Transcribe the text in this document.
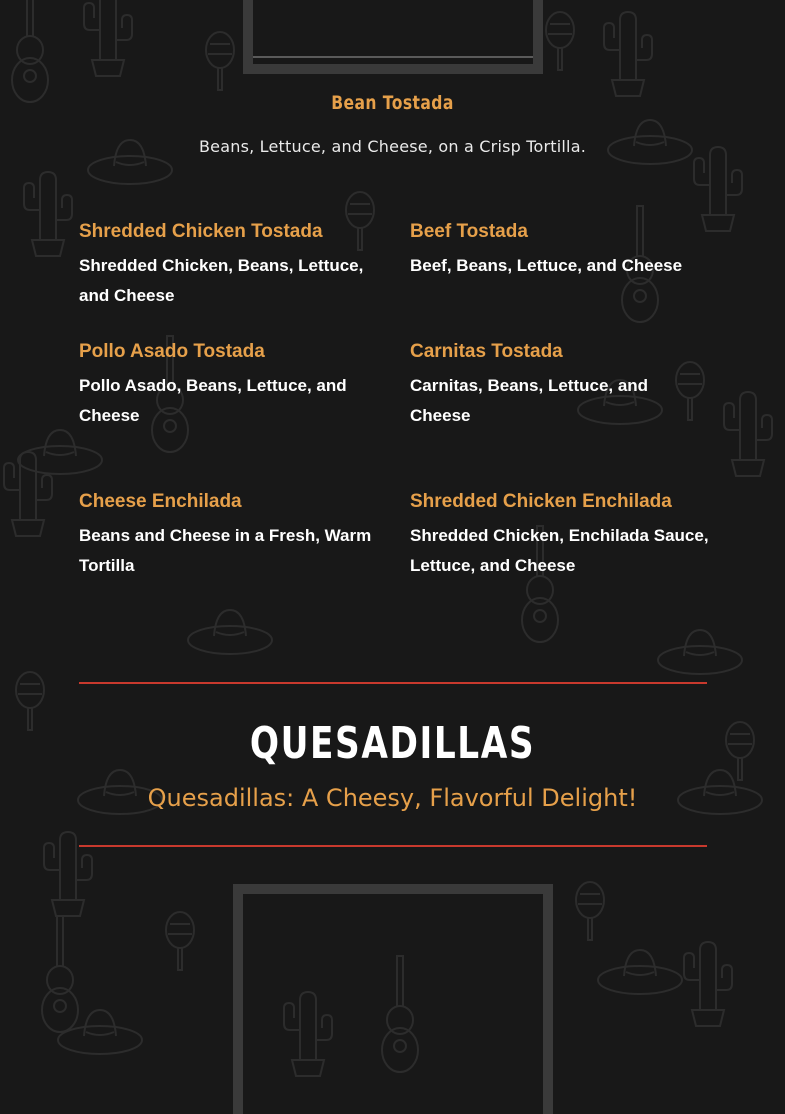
Bean Tostada
Beans, Lettuce, and Cheese, on a Crisp Tortilla.
Shredded Chicken Tostada
Shredded Chicken, Beans, Lettuce, and Cheese
Beef Tostada
Beef, Beans, Lettuce, and Cheese
Pollo Asado Tostada
Pollo Asado, Beans, Lettuce, and Cheese
Carnitas Tostada
Carnitas, Beans, Lettuce, and Cheese
Cheese Enchilada
Beans and Cheese in a Fresh, Warm Tortilla
Shredded Chicken Enchilada
Shredded Chicken, Enchilada Sauce, Lettuce, and Cheese
QUESADILLAS
Quesadillas: A Cheesy, Flavorful Delight!
